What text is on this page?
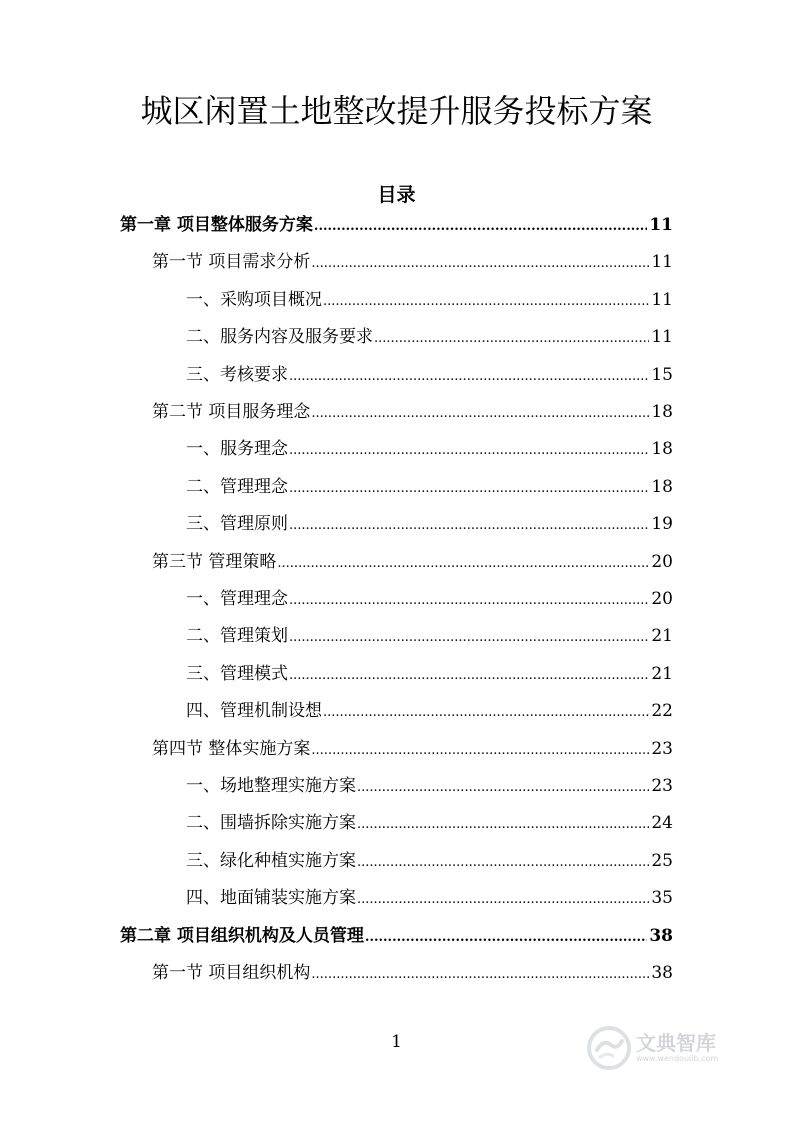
城区闲置土地整改提升服务投标方案
目录
第一章 项目整体服务方案 .....	11
第一节 项目需求分析 .....	11
一、采购项目概况 .....	11
二、服务内容及服务要求 .....	11
三、考核要求 .....	15
第二节 项目服务理念 .....	18
一、服务理念 .....	18
二、管理理念 .....	18
三、管理原则 .....	19
第三节 管理策略 .....	20
一、管理理念 .....	20
二、管理策划 .....	21
三、管理模式 .....	21
四、管理机制设想 .....	22
第四节 整体实施方案 .....	23
一、场地整理实施方案 .....	23
二、围墙拆除实施方案 .....	24
三、绿化种植实施方案 .....	25
四、地面铺装实施方案 .....	35
第二章 项目组织机构及人员管理 .....	38
第一节 项目组织机构 .....	38
1	文典智库
www.wendoulib.com
